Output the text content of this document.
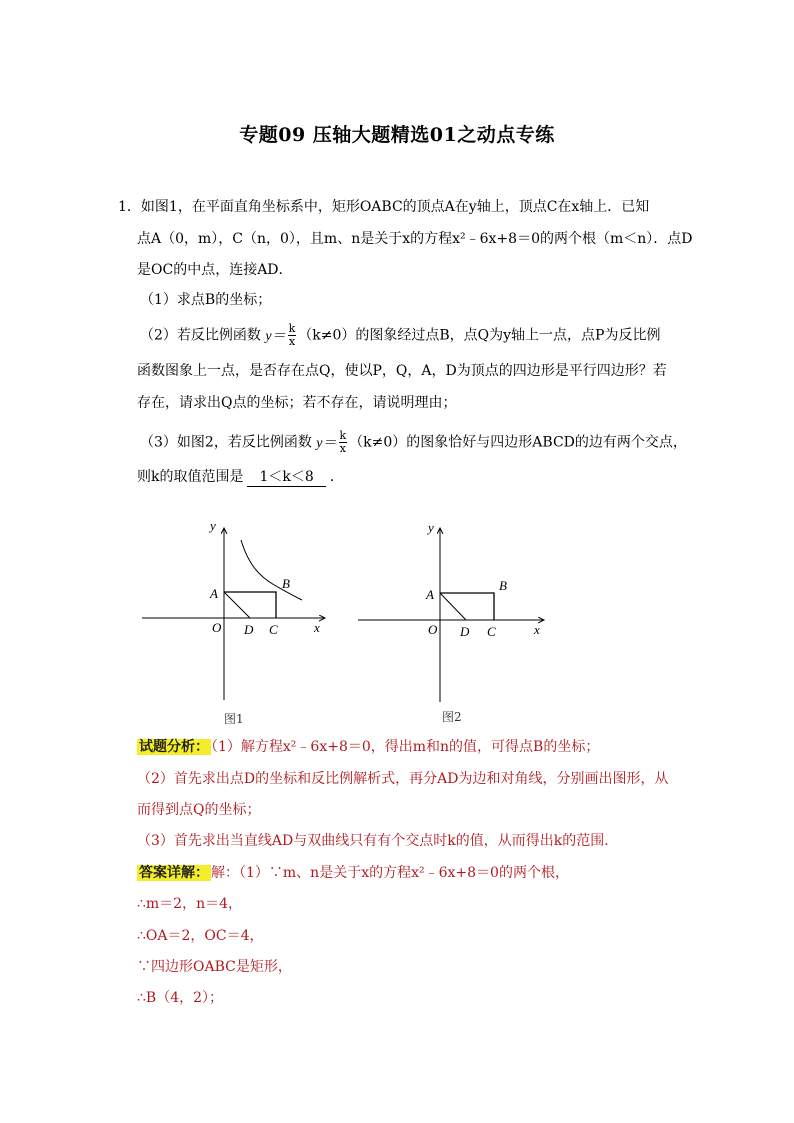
专题09 压轴大题精选01之动点专练
1．如图1，在平面直角坐标系中，矩形OABC的顶点A在y轴上，顶点C在x轴上．已知
点A（0，m），C（n，0），且m、n是关于x的方程x²﹣6x+8＝0的两个根（m＜n）．点D
是OC的中点，连接AD．
（1）求点B的坐标；
（2）若反比例函数 $y= \frac{k}{x} (k\ne 0)$的图象经过点B，点Q为y轴上一点，点P为反比例
函数图象上一点，是否存在点Q，使以P，Q，A，D为顶点的四边形是平行四边形？若
存在，请求出Q点的坐标；若不存在，请说明理由；
（3）如图2，若反比例函数 $y= \frac{k}{x} (k\ne 0)$的图象恰好与四边形ABCD的边有两个交点，
则k的取值范围是 1＜k＜8 ．
y
x
O
A
B
D C
图1
y
x
O
A
B
D C
图2
试题分析： （1）解方程x²﹣6x+8＝0，得出m和n的值，可得点B的坐标；
（2）首先求出点D的坐标和反比例解析式，再分AD为边和对角线，分别画出图形，从
而得到点Q的坐标；
（3）首先求出当直线AD与双曲线只有有个交点时k的值，从而得出k的范围．
答案详解： 解：（1）∵m、n是关于x的方程x²﹣6x+8＝0的两个根，
∴m＝2，n＝4，
∴OA＝2，OC＝4，
∵四边形OABC是矩形，
∴B（4，2）；
